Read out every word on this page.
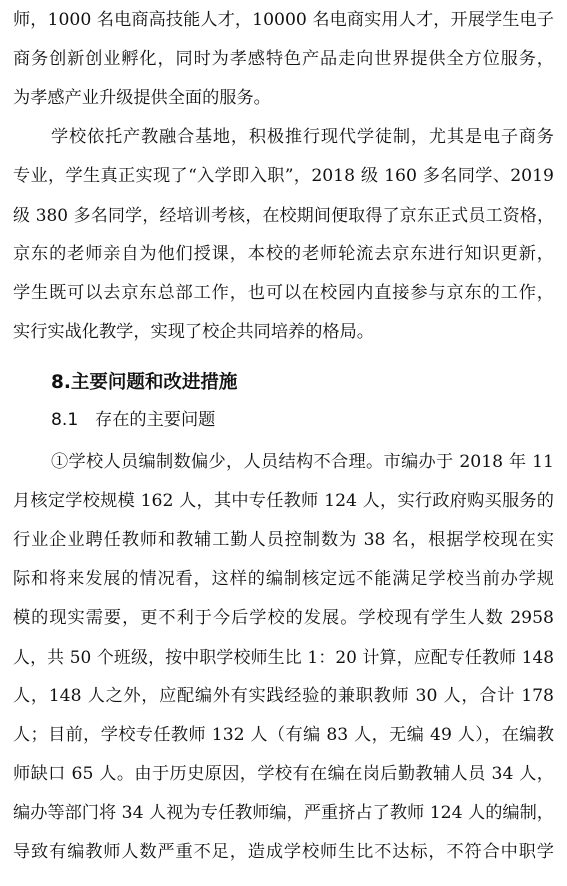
师，1000 名电商高技能人才，10000 名电商实用人才，开展学生电子
商务创新创业孵化，同时为孝感特色产品走向世界提供全方位服务，
为孝感产业升级提供全面的服务。
学校依托产教融合基地，积极推行现代学徒制，尤其是电子商务
专业，学生真正实现了“入学即入职”，2018 级 160 多名同学、2019
级 380 多名同学，经培训考核，在校期间便取得了京东正式员工资格，
京东的老师亲自为他们授课，本校的老师轮流去京东进行知识更新，
学生既可以去京东总部工作，也可以在校园内直接参与京东的工作，
实行实战化教学，实现了校企共同培养的格局。
8.主要问题和改进措施
8.1 存在的主要问题
①学校人员编制数偏少，人员结构不合理。市编办于 2018 年 11
月核定学校规模 162 人，其中专任教师 124 人，实行政府购买服务的
行业企业聘任教师和教辅工勤人员控制数为 38 名，根据学校现在实
际和将来发展的情况看，这样的编制核定远不能满足学校当前办学规
模的现实需要，更不利于今后学校的发展。学校现有学生人数 2958
人，共 50 个班级，按中职学校师生比 1：20 计算，应配专任教师 148
人，148 人之外，应配编外有实践经验的兼职教师 30 人，合计 178
人；目前，学校专任教师 132 人（有编 83 人，无编 49 人），在编教
师缺口 65 人。由于历史原因，学校有在编在岗后勤教辅人员 34 人，
编办等部门将 34 人视为专任教师编，严重挤占了教师 124 人的编制，
导致有编教师人数严重不足，造成学校师生比不达标，不符合中职学
